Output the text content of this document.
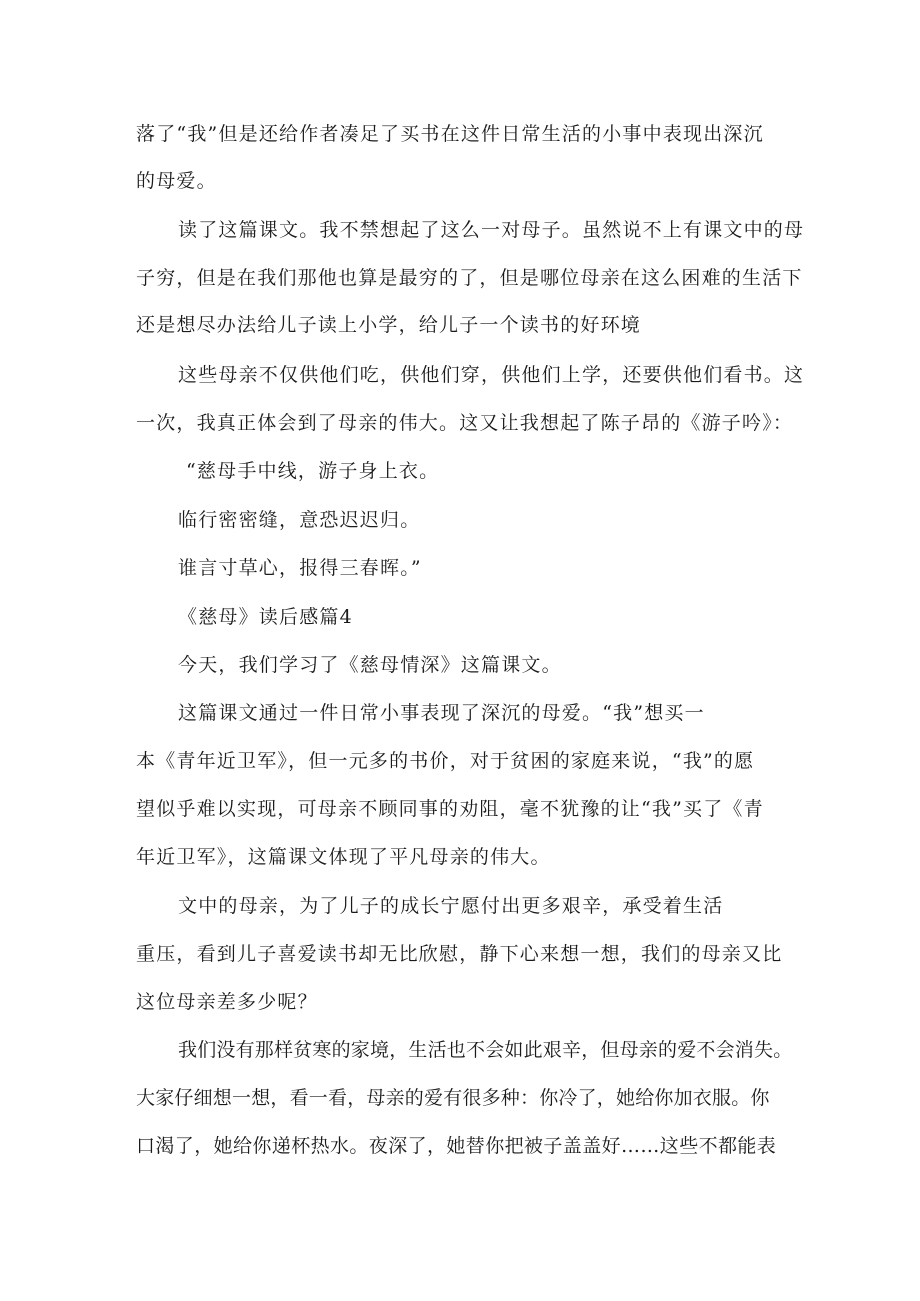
落了“我”但是还给作者凑足了买书在这件日常生活的小事中表现出深沉
的母爱。
读了这篇课文。我不禁想起了这么一对母子。虽然说不上有课文中的母
子穷，但是在我们那他也算是最穷的了，但是哪位母亲在这么困难的生活下
还是想尽办法给儿子读上小学，给儿子一个读书的好环境
这些母亲不仅供他们吃，供他们穿，供他们上学，还要供他们看书。这
一次，我真正体会到了母亲的伟大。这又让我想起了陈子昂的《游子吟》：
“慈母手中线，游子身上衣。
临行密密缝，意恐迟迟归。
谁言寸草心，报得三春晖。”
《慈母》读后感篇4
今天，我们学习了《慈母情深》这篇课文。
这篇课文通过一件日常小事表现了深沉的母爱。“我”想买一
本《青年近卫军》，但一元多的书价，对于贫困的家庭来说，“我”的愿
望似乎难以实现，可母亲不顾同事的劝阻，毫不犹豫的让“我”买了《青
年近卫军》，这篇课文体现了平凡母亲的伟大。
文中的母亲，为了儿子的成长宁愿付出更多艰辛，承受着生活
重压，看到儿子喜爱读书却无比欣慰，静下心来想一想，我们的母亲又比
这位母亲差多少呢？
我们没有那样贫寒的家境，生活也不会如此艰辛，但母亲的爱不会消失。
大家仔细想一想，看一看，母亲的爱有很多种：你冷了，她给你加衣服。你
口渴了，她给你递杯热水。夜深了，她替你把被子盖盖好……这些不都能表
